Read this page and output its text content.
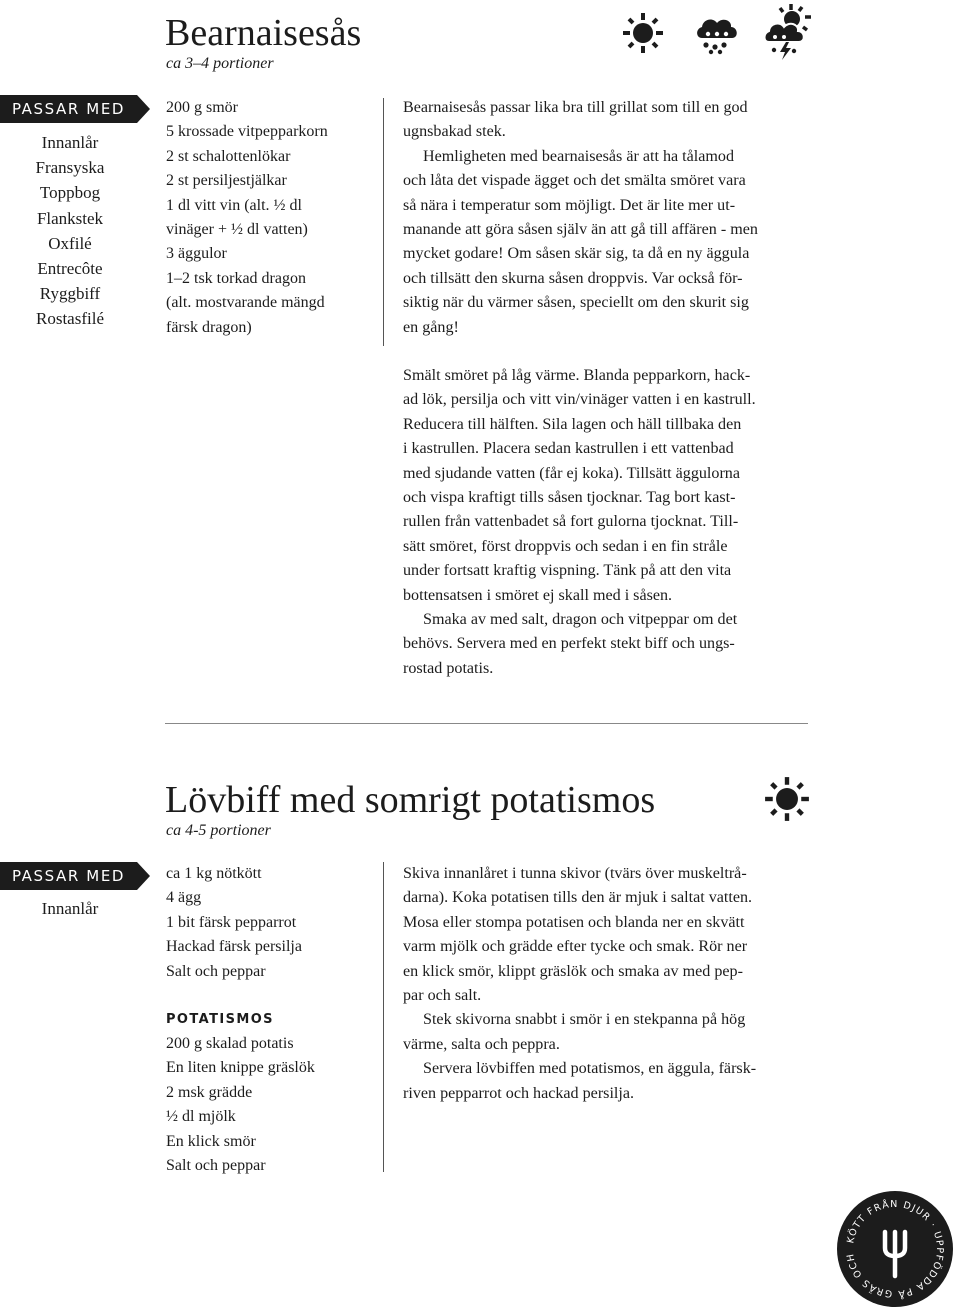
Bearnaisesås
ca 3–4 portioner
PASSAR MED
Innanlår
Fransyska
Toppbog
Flankstek
Oxfilé
Entrecôte
Ryggbiff
Rostasfilé
200 g smör
5 krossade vitpepparkorn
2 st schalottenlökar
2 st persiljestjälkar
1 dl vitt vin (alt. ½ dl
vinäger + ½ dl vatten)
3 äggulor
1–2 tsk torkad dragon
(alt. mostvarande mängd
färsk dragon)
Bearnaisesås passar lika bra till grillat som till en god
ugnsbakad stek.
Hemligheten med bearnaisesås är att ha tålamod
och låta det vispade ägget och det smälta smöret vara
så nära i temperatur som möjligt. Det är lite mer ut-
manande att göra såsen själv än att gå till affären - men
mycket godare! Om såsen skär sig, ta då en ny äggula
och tillsätt den skurna såsen droppvis. Var också för-
siktig när du värmer såsen, speciellt om den skurit sig
en gång!
Smält smöret på låg värme. Blanda pepparkorn, hack-
ad lök, persilja och vitt vin/vinäger vatten i en kastrull.
Reducera till hälften. Sila lagen och häll tillbaka den
i kastrullen. Placera sedan kastrullen i ett vattenbad
med sjudande vatten (får ej koka). Tillsätt äggulorna
och vispa kraftigt tills såsen tjocknar. Tag bort kast-
rullen från vattenbadet så fort gulorna tjocknat. Till-
sätt smöret, först droppvis och sedan i en fin stråle
under fortsatt kraftig vispning. Tänk på att den vita
bottensatsen i smöret ej skall med i såsen.
Smaka av med salt, dragon och vitpeppar om det
behövs. Servera med en perfekt stekt biff och ungs-
rostad potatis.
Lövbiff med somrigt potatismos
ca 4-5 portioner
PASSAR MED
Innanlår
ca 1 kg nötkött
4 ägg
1 bit färsk pepparrot
Hackad färsk persilja
Salt och peppar
POTATISMOS
200 g skalad potatis
En liten knippe gräslök
2 msk grädde
½ dl mjölk
En klick smör
Salt och peppar
Skiva innanlåret i tunna skivor (tvärs över muskeltrå-
darna). Koka potatisen tills den är mjuk i saltat vatten.
Mosa eller stompa potatisen och blanda ner en skvätt
varm mjölk och grädde efter tycke och smak. Rör ner
en klick smör, klippt gräslök och smaka av med pep-
par och salt.
Stek skivorna snabbt i smör i en stekpanna på hög
värme, salta och peppra.
Servera lövbiffen med potatismos, en äggula, färsk-
riven pepparrot och hackad persilja.
KÖTT FRÅN DJUR · UPPFÖDDA PÅ GRÄS OCH ÖRTER
